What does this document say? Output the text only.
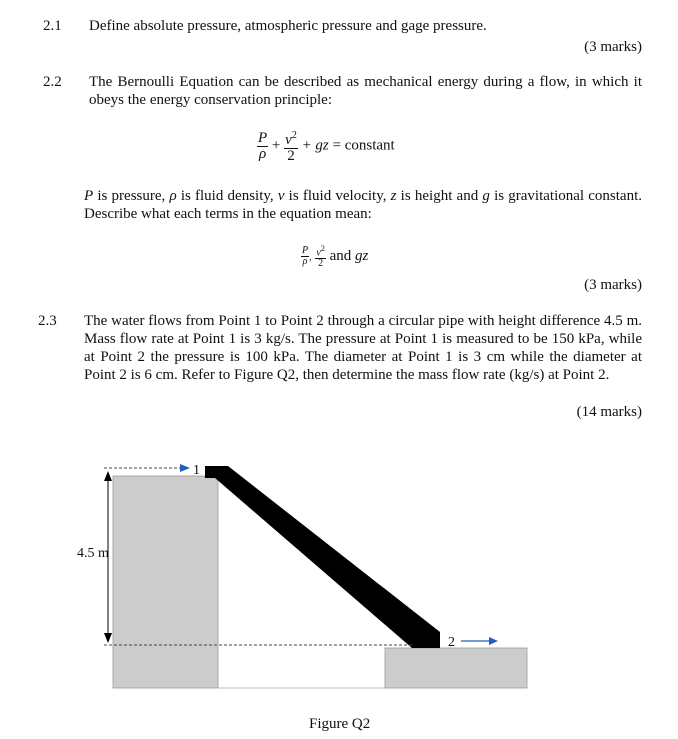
2.1 Define absolute pressure, atmospheric pressure and gage pressure.
(3 marks)
2.2 The Bernoulli Equation can be described as mechanical energy during a flow, in which it obeys the energy conservation principle:
$\frac{P}{\rho} + \frac{v^2}{2}$ + gz = constant
P is pressure, ρ is fluid density, v is fluid velocity, z is height and g is gravitational constant. Describe what each terms in the equation mean:
$\frac{P}{\rho}$ , $\frac{v^2}{2}$ and gz
(3 marks)
2.3 The water flows from Point 1 to Point 2 through a circular pipe with height difference 4.5 m. Mass flow rate at Point 1 is 3 kg/s. The pressure at Point 1 is measured to be 150 kPa, while at Point 2 the pressure is 100 kPa. The diameter at Point 1 is 3 cm while the diameter at Point 2 is 6 cm. Refer to Figure Q2, then determine the mass flow rate (kg/s) at Point 2.
(14 marks)
1
2
4.5 m
Figure Q2
